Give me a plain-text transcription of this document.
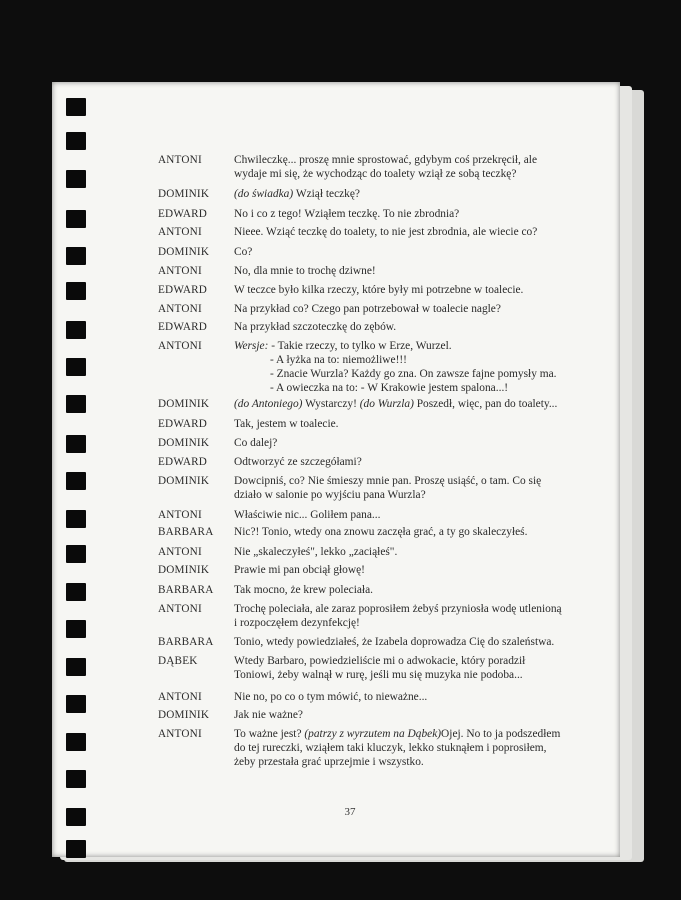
ANTONI	Chwileczkę... proszę mnie sprostować, gdybym coś przekręcił, ale
wydaje mi się, że wychodząc do toalety wziął ze sobą teczkę?
DOMINIK	(do świadka) Wziął teczkę?
EDWARD	No i co z tego! Wziąłem teczkę. To nie zbrodnia?
ANTONI	Nieee. Wziąć teczkę do toalety, to nie jest zbrodnia, ale wiecie co?
DOMINIK	Co?
ANTONI	No, dla mnie to trochę dziwne!
EDWARD	W teczce było kilka rzeczy, które były mi potrzebne w toalecie.
ANTONI	Na przykład co? Czego pan potrzebował w toalecie nagle?
EDWARD	Na przykład szczoteczkę do zębów.
ANTONI	Wersje: - Takie rzeczy, to tylko w Erze, Wurzel.
- A łyżka na to: niemożliwe!!!
- Znacie Wurzla? Każdy go zna. On zawsze fajne pomysły ma.
- A owieczka na to: - W Krakowie jestem spalona...!
DOMINIK	(do Antoniego) Wystarczy! (do Wurzla) Poszedł, więc, pan do toalety...
EDWARD	Tak, jestem w toalecie.
DOMINIK	Co dalej?
EDWARD	Odtworzyć ze szczegółami?
DOMINIK	Dowcipniś, co? Nie śmieszy mnie pan. Proszę usiąść, o tam. Co się
działo w salonie po wyjściu pana Wurzla?
ANTONI	Właściwie nic... Goliłem pana...
BARBARA	Nic?! Tonio, wtedy ona znowu zaczęła grać, a ty go skaleczyłeś.
ANTONI	Nie „skaleczyłeś", lekko „zaciąłeś".
DOMINIK	Prawie mi pan obciął głowę!
BARBARA	Tak mocno, że krew poleciała.
ANTONI	Trochę poleciała, ale zaraz poprosiłem żebyś przyniosła wodę utlenioną
i rozpoczęłem dezynfekcję!
BARBARA	Tonio, wtedy powiedziałeś, że Izabela doprowadza Cię do szaleństwa.
DĄBEK	Wtedy Barbaro, powiedzieliście mi o adwokacie, który poradził
Toniowi, żeby walnął w rurę, jeśli mu się muzyka nie podoba...
ANTONI	Nie no, po co o tym mówić, to nieważne...
DOMINIK	Jak nie ważne?
ANTONI	To ważne jest? (patrzy z wyrzutem na Dąbek)Ojej. No to ja podszedłem
do tej rureczki, wziąłem taki kluczyk, lekko stuknąłem i poprosiłem,
żeby przestała grać uprzejmie i wszystko.
37
